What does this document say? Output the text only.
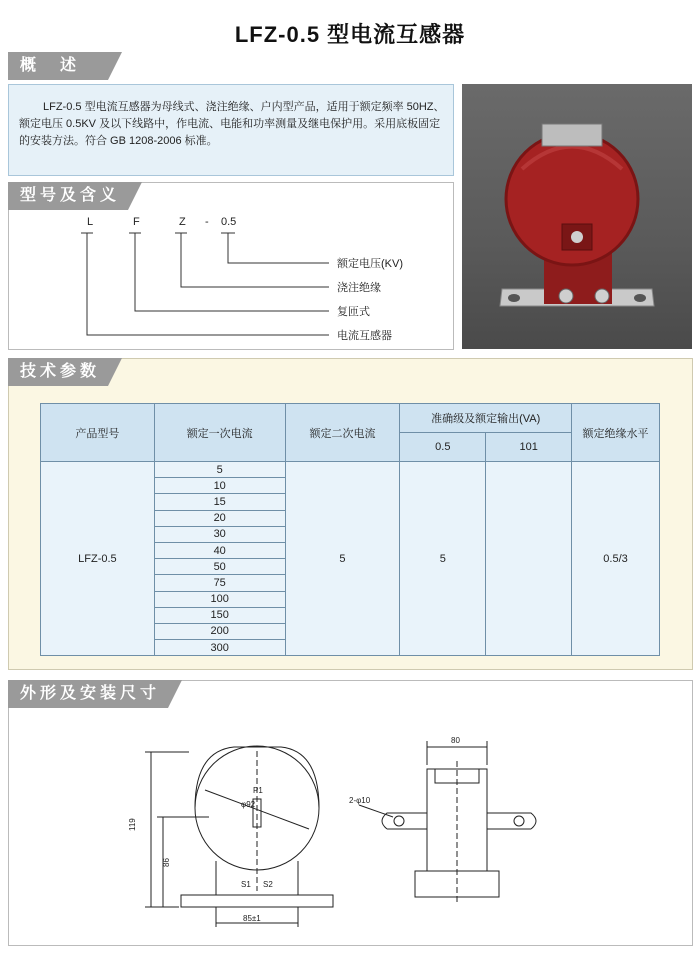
LFZ-0.5 型电流互感器
概　述
LFZ-0.5 型电流互感器为母线式、浇注绝缘、户内型产品，适用于额定频率 50HZ、额定电压 0.5KV 及以下线路中，作电流、电能和功率测量及继电保护用。采用底板固定的安装方法。符合 GB 1208-2006 标准。
L	F	Z - 0.5
额定电压(KV)
浇注绝缘
复匝式
电流互感器
型号及含义
技术参数
产品型号	额定一次电流	额定二次电流	准确级及额定输出(VA)		额定绝缘水平
			0.5	101	
LFZ-0.5	5	5	5		0.5/3
	10				
	15				
	20				
	30				
	40				
	50				
	75				
	100				
	150				
	200				
	300				
119
86
φ92
P1
S1 S2
85±1
80
2-φ10
外形及安装尺寸
